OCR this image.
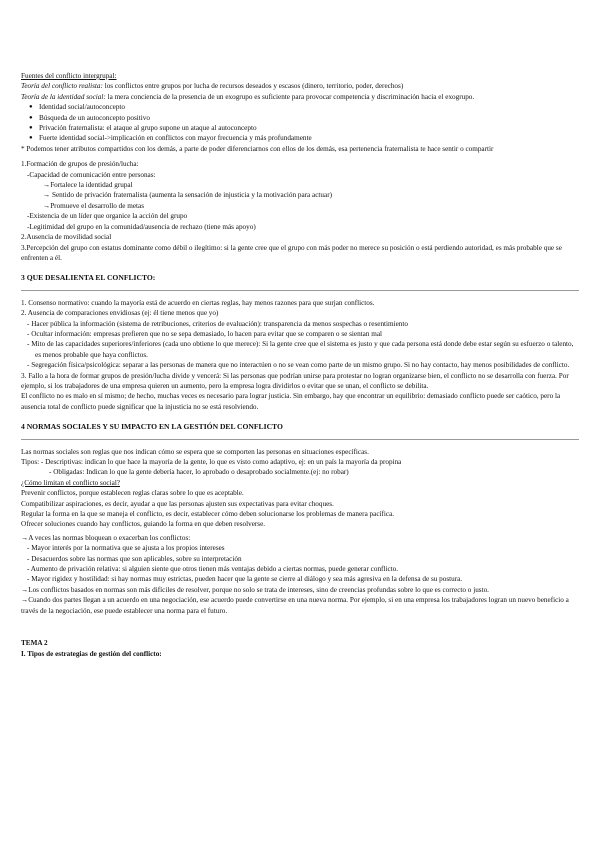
Fuentes del conflicto intergrupal:
Teoría del conflicto realista: los conflictos entre grupos por lucha de recursos deseados y escasos (dinero, territorio, poder, derechos)
Teoría de la identidad social: la mera conciencia de la presencia de un exogrupo es suficiente para provocar competencia y discriminación hacia el exogrupo.
● Identidad social/autoconcepto
● Búsqueda de un autoconcepto positivo
● Privación fraternalista: el ataque al grupo supone un ataque al autoconcepto
● Fuerte identidad social->implicación en conflictos con mayor frecuencia y más profundamente
* Podemos tener atributos compartidos con los demás, a parte de poder diferenciarnos con ellos de los demás, esa pertenencia fraternalista te hace sentir o compartir
1.Formación de grupos de presión/lucha:
-Capacidad de comunicación entre personas:
→Fortalece la identidad grupal
→ Sentido de privación fraternalista (aumenta la sensación de injusticia y la motivación para actuar)
→Promueve el desarrollo de metas
-Existencia de un líder que organice la acción del grupo
-Legitimidad del grupo en la comunidad/ausencia de rechazo (tiene más apoyo)
2.Ausencia de movilidad social
3.Percepción del grupo con estatus dominante como débil o ilegítimo: si la gente cree que el grupo con más poder no merece su posición o está perdiendo autoridad, es más probable que se enfrenten a él.
3 QUE DESALIENTA EL CONFLICTO:
1. Consenso normativo: cuando la mayoría está de acuerdo en ciertas reglas, hay menos razones para que surjan conflictos.
2. Ausencia de comparaciones envidiosas (ej: él tiene menos que yo)
- Hacer pública la información (sistema de retribuciones, criterios de evaluación): transparencia da menos sospechas o resentimiento
- Ocultar información: empresas prefieren que no se sepa demasiado, lo hacen para evitar que se comparen o se sientan mal
- Mito de las capacidades superiores/inferiores (cada uno obtiene lo que merece): Si la gente cree que el sistema es justo y que cada persona está donde debe estar según su esfuerzo o talento, es menos probable que haya conflictos.
- Segregación física/psicológica: separar a las personas de manera que no interactúen o no se vean como parte de un mismo grupo. Si no hay contacto, hay menos posibilidades de conflicto.
3. Fallo a la hora de formar grupos de presión/lucha divide y vencerá: Si las personas que podrían unirse para protestar no logran organizarse bien, el conflicto no se desarrolla con fuerza. Por ejemplo, si los trabajadores de una empresa quieren un aumento, pero la empresa logra dividirlos o evitar que se unan, el conflicto se debilita.
El conflicto no es malo en sí mismo; de hecho, muchas veces es necesario para lograr justicia. Sin embargo, hay que encontrar un equilibrio: demasiado conflicto puede ser caótico, pero la ausencia total de conflicto puede significar que la injusticia no se está resolviendo.
4 NORMAS SOCIALES Y SU IMPACTO EN LA GESTIÓN DEL CONFLICTO
Las normas sociales son reglas que nos indican cómo se espera que se comporten las personas en situaciones específicas.
Tipos: - Descriptivas: indican lo que hace la mayoría de la gente, lo que es visto como adaptivo, ej: en un país la mayoría da propina
- Obligadas: Indican lo que la gente debería hacer, lo aprobado o desaprobado socialmente.(ej: no robar)
¿Cómo limitan el conflicto social?
Prevenir conflictos, porque establecen reglas claras sobre lo que es aceptable.
Compatibilizar aspiraciones, es decir, ayudar a que las personas ajusten sus expectativas para evitar choques.
Regular la forma en la que se maneja el conflicto, es decir, establecer cómo deben solucionarse los problemas de manera pacífica.
Ofrecer soluciones cuando hay conflictos, guiando la forma en que deben resolverse.
→A veces las normas bloquean o exacerban los conflictos:
- Mayor interés por la normativa que se ajusta a los propios intereses
- Desacuerdos sobre las normas que son aplicables, sobre su interpretación
- Aumento de privación relativa: si alguien siente que otros tienen más ventajas debido a ciertas normas, puede generar conflicto.
- Mayor rigidez y hostilidad: si hay normas muy estrictas, pueden hacer que la gente se cierre al diálogo y sea más agresiva en la defensa de su postura.
→Los conflictos basados en normas son más difíciles de resolver, porque no solo se trata de intereses, sino de creencias profundas sobre lo que es correcto o justo.
→Cuando dos partes llegan a un acuerdo en una negociación, ese acuerdo puede convertirse en una nueva norma. Por ejemplo, si en una empresa los trabajadores logran un nuevo beneficio a través de la negociación, ese puede establecer una norma para el futuro.
TEMA 2
I. Tipos de estrategias de gestión del conflicto:
